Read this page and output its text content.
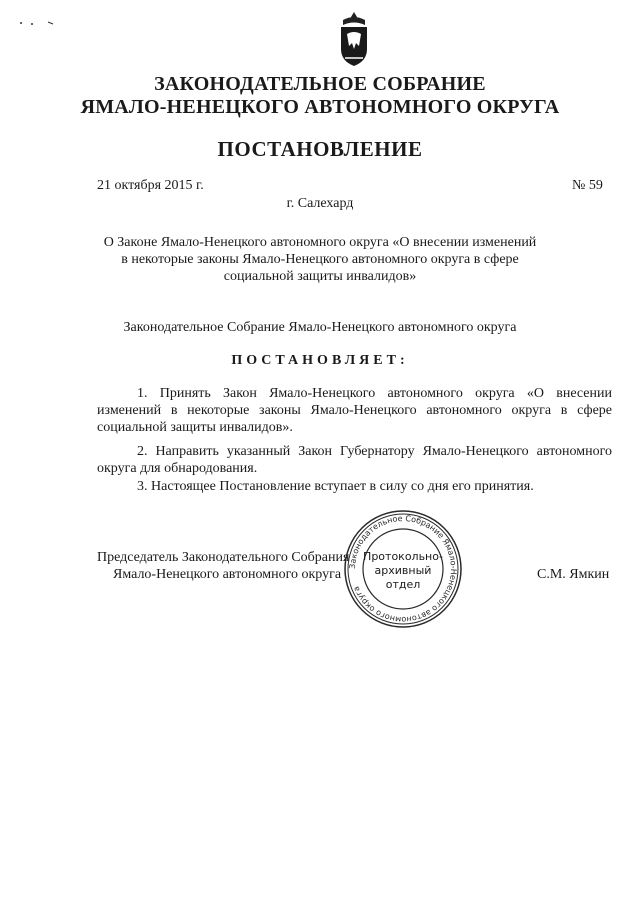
ЗАКОНОДАТЕЛЬНОЕ СОБРАНИЕ
ЯМАЛО-НЕНЕЦКОГО АВТОНОМНОГО ОКРУГА
ПОСТАНОВЛЕНИЕ
21 октября 2015 г.	№ 59
г. Салехард
О Законе Ямало-Ненецкого автономного округа «О внесении изменений
в некоторые законы Ямало-Ненецкого автономного округа в сфере
социальной защиты инвалидов»
Законодательное Собрание Ямало-Ненецкого автономного округа
ПОСТАНОВЛЯЕТ:
1. Принять Закон Ямало-Ненецкого автономного округа «О внесении изменений в некоторые законы Ямало-Ненецкого автономного округа в сфере социальной защиты инвалидов».
2. Направить указанный Закон Губернатору Ямало-Ненецкого автономного округа для обнародования.
3. Настоящее Постановление вступает в силу со дня его принятия.
Председатель Законодательного Собрания
Ямало-Ненецкого автономного округа	С.М. Ямкин
Законодательное Собрание Ямало-Ненецкого автономного округа
Протокольно-
архивный
отдел
